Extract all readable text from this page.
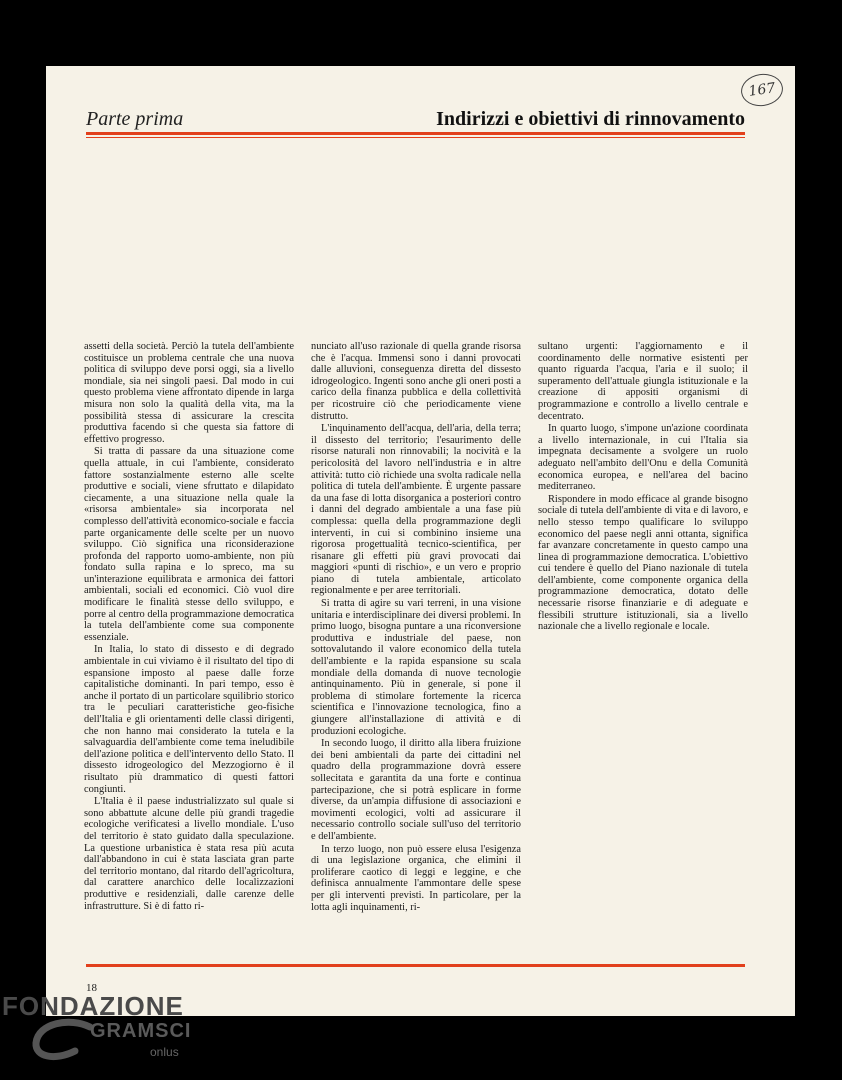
167
Parte prima	Indirizzi e obiettivi di rinnovamento

assetti della società. Perciò la tutela dell'ambiente costituisce un problema centrale che una nuova politica di sviluppo deve porsi oggi, sia a livello mondiale, sia nei singoli paesi. Dal modo in cui questo problema viene affrontato dipende in larga misura non solo la qualità della vita, ma la possibilità stessa di assicurare la crescita produttiva facendo sì che questa sia fattore di effettivo progresso.

Si tratta di passare da una situazione come quella attuale, in cui l'ambiente, considerato fattore sostanzialmente esterno alle scelte produttive e sociali, viene sfruttato e dilapidato ciecamente, a una situazione nella quale la «risorsa ambientale» sia incorporata nel complesso dell'attività economico-sociale e faccia parte organicamente delle scelte per un nuovo sviluppo. Ciò significa una riconsiderazione profonda del rapporto uomo-ambiente, non più fondato sulla rapina e lo spreco, ma su un'interazione equilibrata e armonica dei fattori ambientali, sociali ed economici. Ciò vuol dire modificare le finalità stesse dello sviluppo, e porre al centro della programmazione democratica la tutela dell'ambiente come sua componente essenziale.

In Italia, lo stato di dissesto e di degrado ambientale in cui viviamo è il risultato del tipo di espansione imposto al paese dalle forze capitalistiche dominanti. In pari tempo, esso è anche il portato di un particolare squilibrio storico tra le peculiari caratteristiche geo-fisiche dell'Italia e gli orientamenti delle classi dirigenti, che non hanno mai considerato la tutela e la salvaguardia dell'ambiente come tema ineludibile dell'azione politica e dell'intervento dello Stato. Il dissesto idrogeologico del Mezzogiorno è il risultato più drammatico di questi fattori congiunti.

L'Italia è il paese industrializzato sul quale si sono abbattute alcune delle più grandi tragedie ecologiche verificatesi a livello mondiale. L'uso del territorio è stato guidato dalla speculazione. La questione urbanistica è stata resa più acuta dall'abbandono in cui è stata lasciata gran parte del territorio montano, dal ritardo dell'agricoltura, dal carattere anarchico delle localizzazioni produttive e residenziali, dalle carenze delle infrastrutture. Si è di fatto ri-

nunciato all'uso razionale di quella grande risorsa che è l'acqua. Immensi sono i danni provocati dalle alluvioni, conseguenza diretta del dissesto idrogeologico. Ingenti sono anche gli oneri posti a carico della finanza pubblica e della collettività per ricostruire ciò che periodicamente viene distrutto.

L'inquinamento dell'acqua, dell'aria, della terra; il dissesto del territorio; l'esaurimento delle risorse naturali non rinnovabili; la nocività e la pericolosità del lavoro nell'industria e in altre attività: tutto ciò richiede una svolta radicale nella politica di tutela dell'ambiente. È urgente passare da una fase di lotta disorganica a posteriori contro i danni del degrado ambientale a una fase più complessa: quella della programmazione degli interventi, in cui si combinino insieme una rigorosa progettualità tecnico-scientifica, per risanare gli effetti più gravi provocati dai maggiori «punti di rischio», e un vero e proprio piano di tutela ambientale, articolato regionalmente e per aree territoriali.

Si tratta di agire su vari terreni, in una visione unitaria e interdisciplinare dei diversi problemi. In primo luogo, bisogna puntare a una riconversione produttiva e industriale del paese, non sottovalutando il valore economico della tutela dell'ambiente e la rapida espansione su scala mondiale della domanda di nuove tecnologie antinquinamento. Più in generale, si pone il problema di stimolare fortemente la ricerca scientifica e l'innovazione tecnologica, fino a giungere all'installazione di attività e di produzioni ecologiche.

In secondo luogo, il diritto alla libera fruizione dei beni ambientali da parte dei cittadini nel quadro della programmazione dovrà essere sollecitata e garantita da una forte e continua partecipazione, che si potrà esplicare in forme diverse, da un'ampia diffusione di associazioni e movimenti ecologici, volti ad assicurare il necessario controllo sociale sull'uso del territorio e dell'ambiente.

In terzo luogo, non può essere elusa l'esigenza di una legislazione organica, che elimini il proliferare caotico di leggi e leggine, e che definisca annualmente l'ammontare delle spese per gli interventi previsti. In particolare, per la lotta agli inquinamenti, ri-

sultano urgenti: l'aggiornamento e il coordinamento delle normative esistenti per quanto riguarda l'acqua, l'aria e il suolo; il superamento dell'attuale giungla istituzionale e la creazione di appositi organismi di programmazione e controllo a livello centrale e decentrato.

In quarto luogo, s'impone un'azione coordinata a livello internazionale, in cui l'Italia sia impegnata decisamente a svolgere un ruolo adeguato nell'ambito dell'Onu e della Comunità economica europea, e nell'area del bacino mediterraneo.

Rispondere in modo efficace al grande bisogno sociale di tutela dell'ambiente di vita e di lavoro, e nello stesso tempo qualificare lo sviluppo economico del paese negli anni ottanta, significa far avanzare concretamente in questo campo una linea di programmazione democratica. L'obiettivo cui tendere è quello del Piano nazionale di tutela dell'ambiente, come componente organica della programmazione democratica, dotato delle necessarie risorse finanziarie e di adeguate e flessibili strutture istituzionali, sia a livello nazionale che a livello regionale e locale.

18
FONDAZIONE
GRAMSCI
onlus
